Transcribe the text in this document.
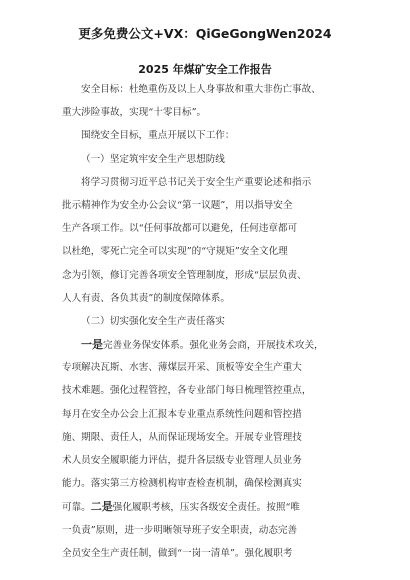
更多免费公文+VX：QiGeGongWen2024
2025 年煤矿安全工作报告
安全目标：杜绝重伤及以上人身事故和重大非伤亡事故、
重大涉险事故，实现“十零目标”。
围绕安全目标，重点开展以下工作：
（一）坚定筑牢安全生产思想防线
将学习贯彻习近平总书记关于安全生产重要论述和指示
批示精神作为安全办公会议“第一议题”，用以指导安全
生产各项工作。以“任何事故都可以避免，任何违章都可
以杜绝，零死亡完全可以实现”的“守规矩”安全文化理
念为引领，修订完善各项安全管理制度，形成“层层负责、
人人有责、各负其责”的制度保障体系。
（二）切实强化安全生产责任落实
一是完善业务保安体系。强化业务会商，开展技术攻关，
专项解决瓦斯、水害、薄煤层开采、顶板等安全生产重大
技术难题。强化过程管控，各专业部门每日梳理管控重点，
每月在安全办公会上汇报本专业重点系统性问题和管控措
施、期限、责任人，从而保证现场安全。开展专业管理技
术人员安全履职能力评估，提升各层级专业管理人员业务
能力。落实第三方检测机构审查检查机制，确保检测真实
可靠。二是强化履职考核，压实各级安全责任。按照“唯
一负责”原则，进一步明晰领导班子安全职责，动态完善
全员安全生产责任制，做到“一岗一清单”。强化履职考
